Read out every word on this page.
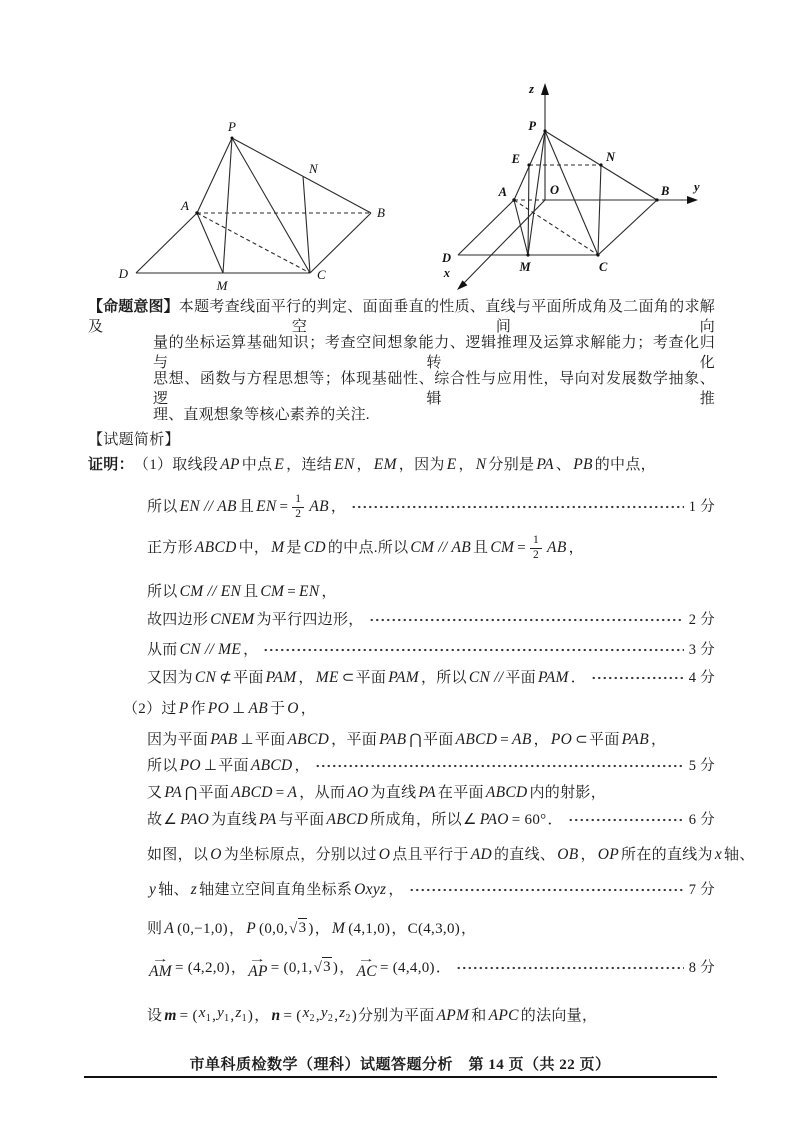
P
N
A	B
D
M
C
z
y
x
P
E	N
O
A	B
D
M	C
【命题意图】本题考查线面平行的判定、面面垂直的性质、直线与平面所成角及二面角的求解及空间向
量的坐标运算基础知识；考查空间想象能力、逻辑推理及运算求解能力；考查化归与转化
思想、函数与方程思想等；体现基础性、综合性与应用性，导向对发展数学抽象、逻辑推
理、直观想象等核心素养的关注.
【试题简析】
证明： （1）取线段 AP 中点 E ，连结 EN ， EM ，因为 E ， N 分别是 PA 、 PB 的中点，
所以 EN // AB 且 EN = $\frac{1}{2}$ AB ，	1 分
正方形 ABCD 中， M 是 CD 的中点.所以 CM // AB 且 CM = $\frac{1}{2}$ AB ，
所以 CM // EN 且 CM = EN ，
故四边形 CNEM 为平行四边形，	2 分
从而 CN // ME ，	3 分
又因为 CN ⊄ 平面 PAM ， ME ⊂ 平面 PAM ，所以 CN // 平面 PAM ．	4 分
（2）过 P 作 PO ⊥ AB 于 O ，
因为平面 PAB ⊥ 平面 ABCD ，平面 PAB ⋂ 平面 ABCD = AB ， PO ⊂ 平面 PAB ，
所以 PO ⊥ 平面 ABCD ，	5 分
又 PA ⋂ 平面 ABCD = A ，从而 AO 为直线 PA 在平面 ABCD 内的射影，
故 ∠ PAO 为直线 PA 与平面 ABCD 所成角，所以 ∠ PAO = 60° ．	6 分
如图，以 O 为坐标原点，分别以过 O 点且平行于 AD 的直线、 OB ， OP 所在的直线为 x 轴、
y 轴、 z 轴建立空间直角坐标系 Oxyz ，	7 分
则 A (0,−1,0) ， P (0,0, √ 3 ) ， M (4,1,0) ， C(4,3,0) ，
→
AM = (4,2,0) ，
→
AP = (0,1, √ 3 ) ，
→
AC = (4,4,0) ．	8 分
设 m = ( $x_1$ , $y_1$ , $z_1$ ) ， n = ( $x_2$ , $y_2$ , $z_2$ ) 分别为平面 APM 和 APC 的法向量，
市单科质检数学（理科）试题答题分析　 第 14 页（共 22 页）
